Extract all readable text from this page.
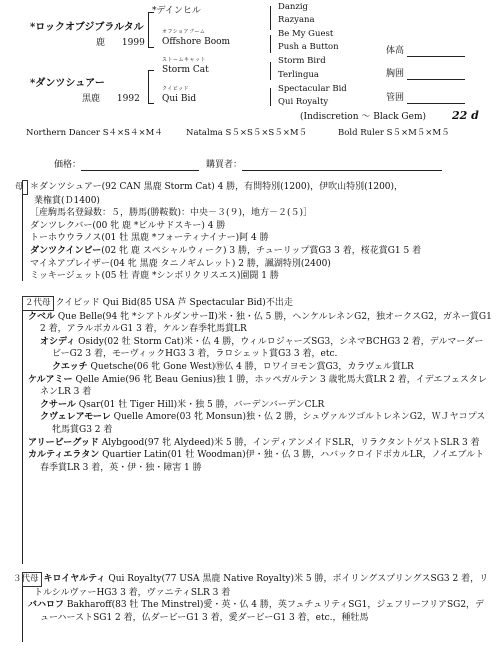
*ロックオブジブラルタル
鹿 1999
*デインヒル
オフショアブーム
Offshore Boom
*ダンツシュアー
黒鹿 1992
ストームキャット
Storm Cat
クイビッド
Qui Bid
Danzig
Razyana
Be My Guest
Push a Button
Storm Bird
Terlingua
Spectacular Bid
Qui Royalty
体高
胸囲
管囲
(Indiscretion ～ Black Gem) 22 d
Northern Dancer S４×S４×M４	Natalma S５×S５×S５×M５	Bold Ruler S５×M５×M５
価格：	購買者：

母 ＊ダンツシュアー(92 CAN 黒鹿 Storm Cat) 4 勝，有問特別(1200)，伊吹山特別(1200)，

業権賞(Ｄ1400)

［産駒馬名登録数：５，勝馬(勝鞍数)：中央－３(９)，地方－２(５)］

ダンツレクバー(00 牝 鹿 *ビルサドスキー) 4 勝

トーホウウラノス(01 牡 黒鹿 *フォーティナイナー)阿 4 勝

ダンツクインビー(02 牝 鹿 スペシャルウィーク) 3 勝，チューリップ賞G3 3 着，桜花賞G1 5 着

マイネアプレイザー(04 牝 黒鹿 タニノギムレット) 2 勝，諷湖特別(2400)

ミッキージェット(05 牡 青鹿 *シンボリクリスエス)園闘 1 勝

２代母 クイビッド Qui Bid(85 USA 芦 Spectacular Bid)不出走

クベル Que Belle(94 牝 *シアトルダンサーⅡ)米・独・仏 5 勝，ヘンケルレネンG2，独オークスG2，ガネー賞G1 2 着，アラルボカルG1 3 着，ケルン春季牝馬賞LR

オシディ Osidy(02 牡 Storm Cat)米・仏 4 勝，ウィルロジャーズSG3，シネマBCHG3 2 着，デルマーダービーG2 3 着，モーヴィックHG3 3 着，ラロシェット賞G3 3 着，etc.

クエッチ Quetsche(06 牝 Gone West)㊕仏 4 勝，ロワイヨモン賞G3，カラヴェル賞LR

ケルアミー Qelle Amie(96 牝 Beau Genius)独 1 勝，ホッペガルテン 3 歳牝馬大賞LR 2 着，イデエフェスタレネンLR 3 着

クサール Qsar(01 牡 Tiger Hill)米・独 5 勝，バーデンバーデンCLR

クヴェレアモーレ Quelle Amore(03 牝 Monsun)独・仏 2 勝，シュヴァルツゴルトレネンG2，ＷＪヤコプス牝馬賞G3 2 着

アリービーグッド Alybgood(97 牝 Alydeed)米 5 勝，インディアンメイドSLR，リラクタントゲストSLR 3 着

カルティエラタン Quartier Latin(01 牡 Woodman)伊・独・仏 3 勝，ハバックロイドボカルLR，ノイエブルト春季賞LR 3 着，英・伊・独・障害 1 勝

３代母 キロイヤルティ Qui Royalty(77 USA 黒鹿 Native Royalty)米 5 勝，ボイリングスプリングスSG3 2 着，リトルシルヴァーHG3 3 着，ヴァニティSLR 3 着

バハロフ Bakharoff(83 牡 The Minstrel)愛・英・仏 4 勝，英フュチュリティSG1，ジェフリーフリアSG2，デューハーストSG1 2 着，仏ダービーG1 3 着，愛ダービーG1 3 着，etc.，種牡馬
